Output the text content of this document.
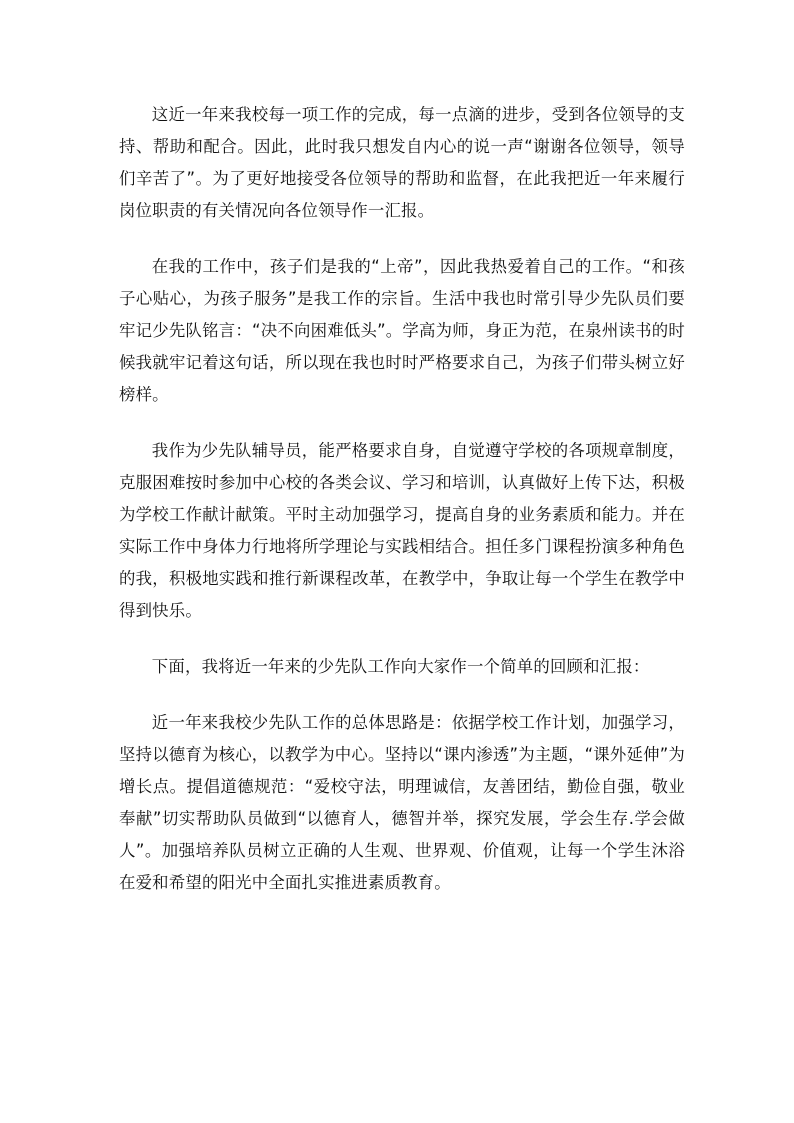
这近一年来我校每一项工作的完成，每一点滴的进步，受到各位领导的支持、帮助和配合。因此，此时我只想发自内心的说一声“谢谢各位领导，领导们辛苦了”。为了更好地接受各位领导的帮助和监督，在此我把近一年来履行岗位职责的有关情况向各位领导作一汇报。

在我的工作中，孩子们是我的“上帝”，因此我热爱着自己的工作。“和孩子心贴心，为孩子服务”是我工作的宗旨。生活中我也时常引导少先队员们要牢记少先队铭言：“决不向困难低头”。学高为师，身正为范，在泉州读书的时候我就牢记着这句话，所以现在我也时时严格要求自己，为孩子们带头树立好榜样。

我作为少先队辅导员，能严格要求自身，自觉遵守学校的各项规章制度，克服困难按时参加中心校的各类会议、学习和培训，认真做好上传下达，积极为学校工作献计献策。平时主动加强学习，提高自身的业务素质和能力。并在实际工作中身体力行地将所学理论与实践相结合。担任多门课程扮演多种角色的我，积极地实践和推行新课程改革，在教学中，争取让每一个学生在教学中得到快乐。

下面，我将近一年来的少先队工作向大家作一个简单的回顾和汇报：

近一年来我校少先队工作的总体思路是：依据学校工作计划，加强学习，坚持以德育为核心，以教学为中心。坚持以“课内渗透”为主题，“课外延伸”为增长点。提倡道德规范：“爱校守法，明理诚信，友善团结，勤俭自强，敬业奉献”切实帮助队员做到“以德育人，德智并举，探究发展，学会生存.学会做人”。加强培养队员树立正确的人生观、世界观、价值观，让每一个学生沐浴在爱和希望的阳光中全面扎实推进素质教育。
